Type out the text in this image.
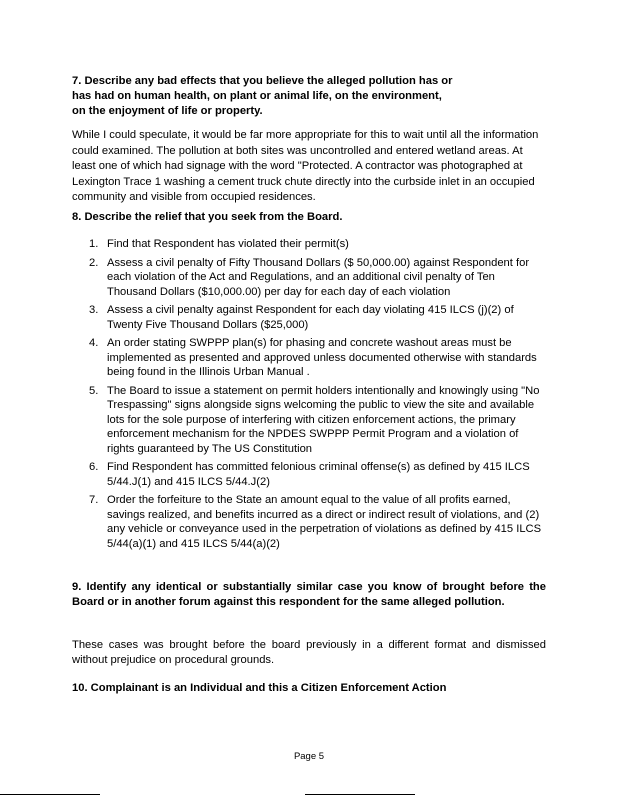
7. Describe any bad effects that you believe the alleged pollution has or
has had on human health, on plant or animal life, on the environment,
on the enjoyment of life or property.
While I could speculate, it would be far more appropriate for this to wait until all the information could examined. The pollution at both sites was uncontrolled and entered wetland areas. At least one of which had signage with the word "Protected. A contractor was photographed at Lexington Trace 1 washing a cement truck chute directly into the curbside inlet in an occupied community and visible from occupied residences.
8. Describe the relief that you seek from the Board.
1. Find that Respondent has violated their permit(s)
2. Assess a civil penalty of Fifty Thousand Dollars ($ 50,000.00) against Respondent for each violation of the Act and Regulations, and an additional civil penalty of Ten Thousand Dollars ($10,000.00) per day for each day of each violation
3. Assess a civil penalty against Respondent for each day violating 415 ILCS (j)(2) of Twenty Five Thousand Dollars ($25,000)
4. An order stating SWPPP plan(s) for phasing and concrete washout areas must be implemented as presented and approved unless documented otherwise with standards being found in the Illinois Urban Manual .
5. The Board to issue a statement on permit holders intentionally and knowingly using "No Trespassing" signs alongside signs welcoming the public to view the site and available lots for the sole purpose of interfering with citizen enforcement actions, the primary enforcement mechanism for the NPDES SWPPP Permit Program and a violation of rights guaranteed by The US Constitution
6. Find Respondent has committed felonious criminal offense(s) as defined by 415 ILCS 5/44.J(1) and 415 ILCS 5/44.J(2)
7. Order the forfeiture to the State an amount equal to the value of all profits earned, savings realized, and benefits incurred as a direct or indirect result of violations, and (2) any vehicle or conveyance used in the perpetration of violations as defined by 415 ILCS 5/44(a)(1) and 415 ILCS 5/44(a)(2)
9. Identify any identical or substantially similar case you know of brought before the Board or in another forum against this respondent for the same alleged pollution.
These cases was brought before the board previously in a different format and dismissed without prejudice on procedural grounds.
10. Complainant is an Individual and this a Citizen Enforcement Action
Page 5
